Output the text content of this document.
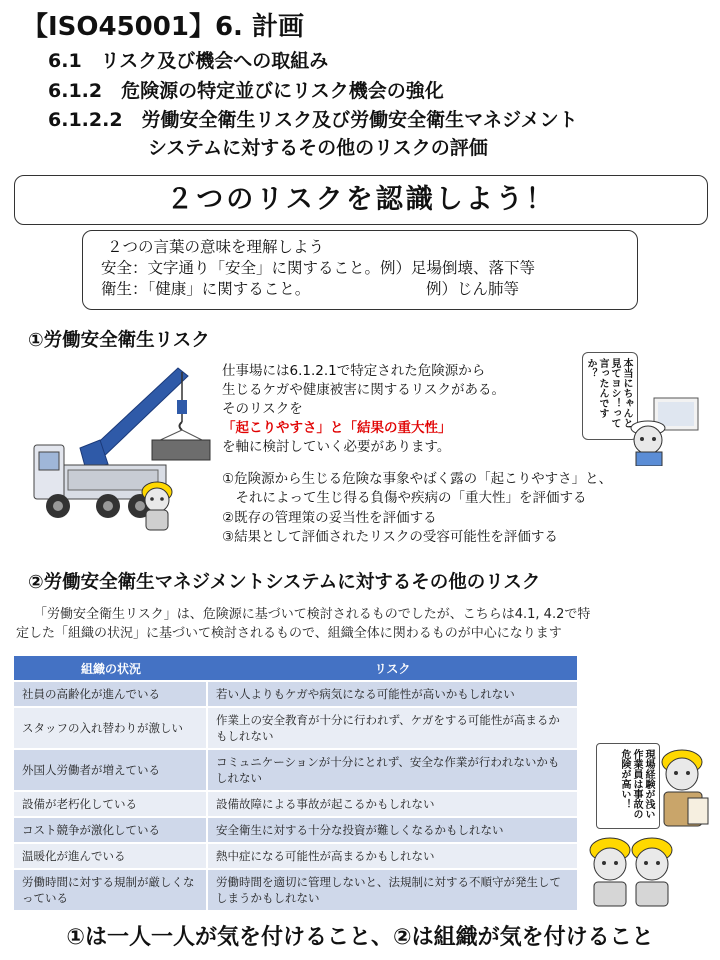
【ISO45001】6. 計画
6.1　リスク及び機会への取組み
6.1.2　危険源の特定並びにリスク機会の強化
6.1.2.2　労働安全衛生リスク及び労働安全衛生マネジメント
システムに対するその他のリスクの評価
２つのリスクを認識しよう！
２つの言葉の意味を理解しよう
安全：文字通り「安全」に関すること。例）足場倒壊、落下等
衛生：「健康」に関すること。	例）じん肺等
①労働安全衛生リスク
仕事場には6.1.2.1で特定された危険源から
生じるケガや健康被害に関するリスクがある。
そのリスクを
「起こりやすさ」と「結果の重大性」
を軸に検討していく必要があります。
本当にちゃんと見てヨシ！って言ったんですか？
①危険源から生じる危険な事象やばく露の「起こりやすさ」と、
　それによって生じ得る負傷や疾病の「重大性」を評価する
②既存の管理策の妥当性を評価する
③結果として評価されたリスクの受容可能性を評価する
②労働安全衛生マネジメントシステムに対するその他のリスク
「労働安全衛生リスク」は、危険源に基づいて検討されるものでしたが、こちらは4.1, 4.2で特
定した「組織の状況」に基づいて検討されるもので、組織全体に関わるものが中心になります
組織の状況	リスク
社員の高齢化が進んでいる	若い人よりもケガや病気になる可能性が高いかもしれない
スタッフの入れ替わりが激しい	作業上の安全教育が十分に行われず、ケガをする可能性が高まるかもしれない
外国人労働者が増えている	コミュニケーションが十分にとれず、安全な作業が行われないかもしれない
設備が老朽化している	設備故障による事故が起こるかもしれない
コスト競争が激化している	安全衛生に対する十分な投資が難しくなるかもしれない
温暖化が進んでいる	熱中症になる可能性が高まるかもしれない
労働時間に対する規制が厳しくなっている	労働時間を適切に管理しないと、法規制に対する不順守が発生してしまうかもしれない
現場経験が浅い作業員は事故の危険が高い！
①は一人一人が気を付けること、②は組織が気を付けること
